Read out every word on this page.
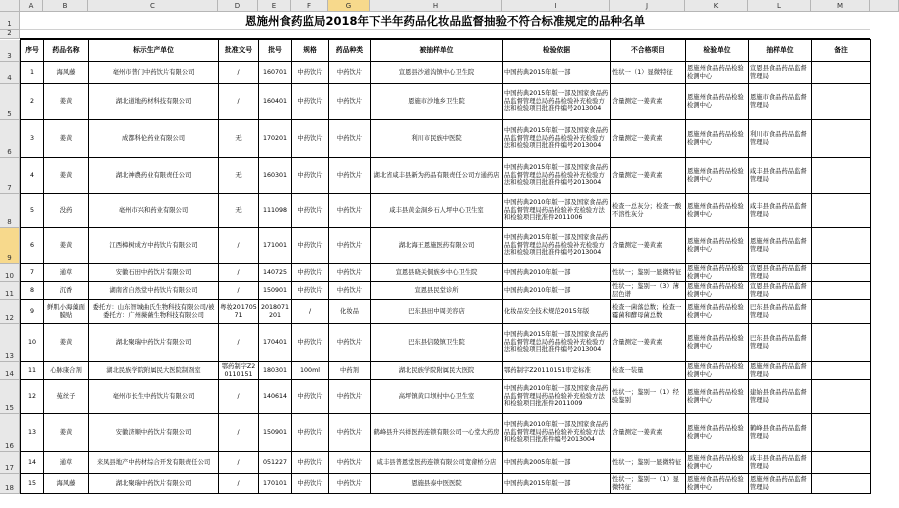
A	B	C	D	E	F	G	H	I	J	K	L	M
1
2
3
4
5
6
7
8
9
10
11
12
13
14
15
16
17
18
恩施州食药监局2018年下半年药品化妆品监督抽验不符合标准规定的品种名单
序号	药品名称	标示生产单位	批准文号	批号	规格	药品种类	被抽样单位	检验依据	不合格项目	检验单位	抽样单位	备注
1	海风藤	亳州市普门中药饮片有限公司	/	160701	中药饮片	中药饮片	宣恩县沙道沟镇中心卫生院	中国药典2015年版一部	性状一（1）显微特征	恩施州食品药品检验检测中心	宣恩县食品药品监督管理局	
2	姜黄	湖北道地药材科技有限公司	/	160401	中药饮片	中药饮片	恩施市沙地乡卫生院	中国药典2015年版一部及国家食品药品监督管理总局药品检验补充检验方法和检验项目批准件编号2013004	含量测定一姜黄素	恩施州食品药品检验检测中心	恩施市食品药品监督管理局	
3	姜黄	成都科伦药业有限公司	无	170201	中药饮片	中药饮片	利川市民族中医院	中国药典2015年版一部及国家食品药品监督管理总局药品检验补充检验方法和检验项目批准件编号2013004	含量测定一姜黄素	恩施州食品药品检验检测中心	利川市食品药品监督管理局	
4	姜黄	湖北神農药业有限责任公司	无	160301	中药饮片	中药饮片	湖北省咸丰县新为药品有限责任公司方通药店	中国药典2015年版一部及国家食品药品监督管理总局药品检验补充检验方法和检验项目批准件编号2013004	含量测定一姜黄素	恩施州食品药品检验检测中心	咸丰县食品药品监督管理局	
5	没药	亳州市兴和药业有限公司	无	111098	中药饮片	中药饮片	咸丰县黄金洞乡石人坪中心卫生室	中国药典2010年版一部及国家食品药品监督管理局药品检验补充检验方法和检验项目批准件2011006	检查一总灰分；检查一酸不溶性灰分	恩施州食品药品检验检测中心	咸丰县食品药品监督管理局	
6	姜黄	江西樟树成方中药饮片有限公司	/	171001	中药饮片	中药饮片	湖北海王恩施医药有限公司	中国药典2015年版一部及国家食品药品监督管理总局药品检验补充检验方法和检验项目批准件编号2013004	含量测定一姜黄素	恩施州食品药品检验检测中心	恩施州食品药品监督管理局	
7	通草	安徽石田中药饮片有限公司	/	140725	中药饮片	中药饮片	宣恩县晓关侗族乡中心卫生院	中国药典2010年版一部	性状一；鉴别一显微特征	恩施州食品药品检验检测中心	宣恩县食品药品监督管理局	
8	沉香	湖南省自然堂中药饮片有限公司	/	150901	中药饮片	中药饮片	宣恩县民堂诊所	中国药典2010年版一部	性状一；鉴别一（3）薄层色谱	恩施州食品药品检验检测中心	宣恩县食品药品监督管理局	
9	鲜肌小海藻面膜贴	委托方：山东智城曲氏生物科技有限公司/被委托方：广州薇薇生物科技有限公司	粤妆20170571	2018071201	/	化妆品	巴东县田中周美容店	化妆品安全技术规范2015年版	检查一菌落总数；检查一霉菌和酵母菌总数	恩施州食品药品检验检测中心	巴东县食品药品监督管理局	
10	姜黄	湖北聚瑞中药饮片有限公司	/	170401	中药饮片	中药饮片	巴东县信陵镇卫生院	中国药典2015年版一部及国家食品药品监督管理总局药品检验补充检验方法和检验项目批准件编号2013004	含量测定一姜黄素	恩施州食品药品检验检测中心	巴东县食品药品监督管理局	
11	心脉康合剂	湖北民族学院附属民大医院制剂室	鄂药制字Z20110151	180301	100ml	中药剂	湖北民族学院附属民大医院	鄂药制字Z20110151审定标准	检查一装量	恩施州食品药品检验检测中心	恩施州食品药品监督管理局	
12	菟丝子	亳州市长生中药饮片有限公司	/	140614	中药饮片	中药饮片	高坪镇黄口坝村中心卫生室	中国药典2010年版一部及国家食品药品监督管理局药品检验补充检验方法和检验项目批准件2011009	性状一；鉴别一（1）经验鉴别	恩施州食品药品检验检测中心	建始县食品药品监督管理局	
13	姜黄	安徽济顺中药饮片有限公司	/	150901	中药饮片	中药饮片	鹤峰县升兴祥医药连锁有限公司一心堂大药房	中国药典2010年版一部及国家食品药品监督管理局药品检验补充检验方法和检验项目批准件编号2013004	含量测定一姜黄素	恩施州食品药品检验检测中心	鹤峰县食品药品监督管理局	
14	通草	来凤县地产中药材综合开发有限责任公司	/	051227	中药饮片	中药饮片	咸丰县普恩堂医药连锁有限公司宽畲桥分店	中国药典2005年版一部	性状一；鉴别一显微特征	恩施州食品药品检验检测中心	咸丰县食品药品监督管理局	
15	海风藤	湖北聚瑞中药饮片有限公司	/	170101	中药饮片	中药饮片	恩施县泰中医医院	中国药典2015年版一部	性状一；鉴别一（1）显微特征	恩施州食品药品检验检测中心	恩施州食品药品监督管理局	
